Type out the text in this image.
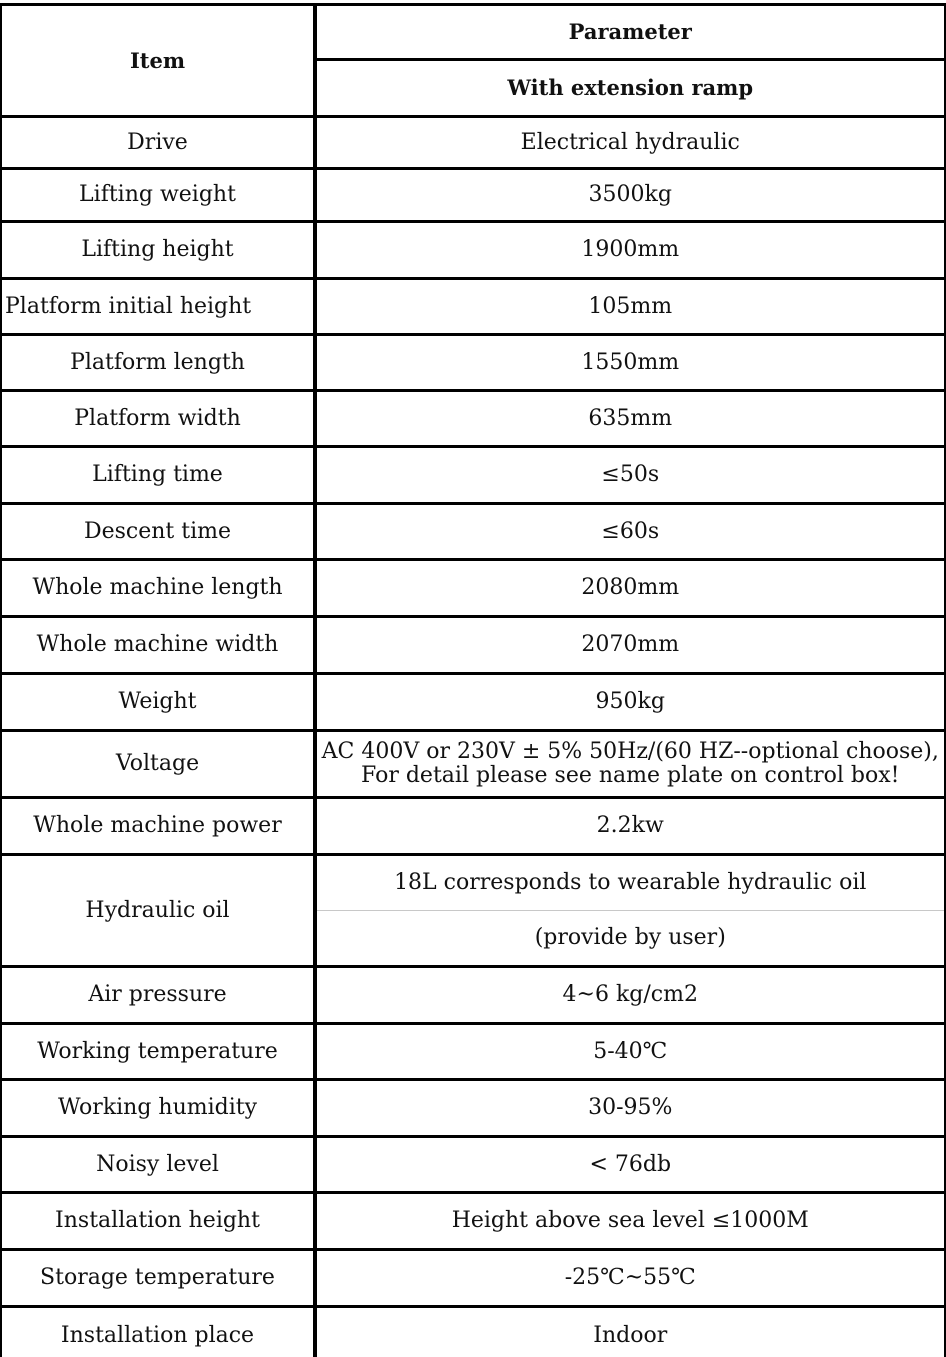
Item	Parameter
	With extension ramp
Drive	Electrical hydraulic
Lifting weight	3500kg
Lifting height	1900mm
Platform initial height	105mm
Platform length	1550mm
Platform width	635mm
Lifting time	≤50s
Descent time	≤60s
Whole machine length	2080mm
Whole machine width	2070mm
Weight	950kg
Voltage	AC 400V or 230V ± 5% 50Hz/(60 HZ--optional choose),
For detail please see name plate on control box!

Whole machine power	2.2kw
Hydraulic oil	18L corresponds to wearable hydraulic oil
	(provide by user)
Air pressure	4~6 kg/cm2
Working temperature	5-40℃
Working humidity	30-95%
Noisy level	< 76db
Installation height	Height above sea level ≤1000M
Storage temperature	-25℃~55℃
Installation place	Indoor
